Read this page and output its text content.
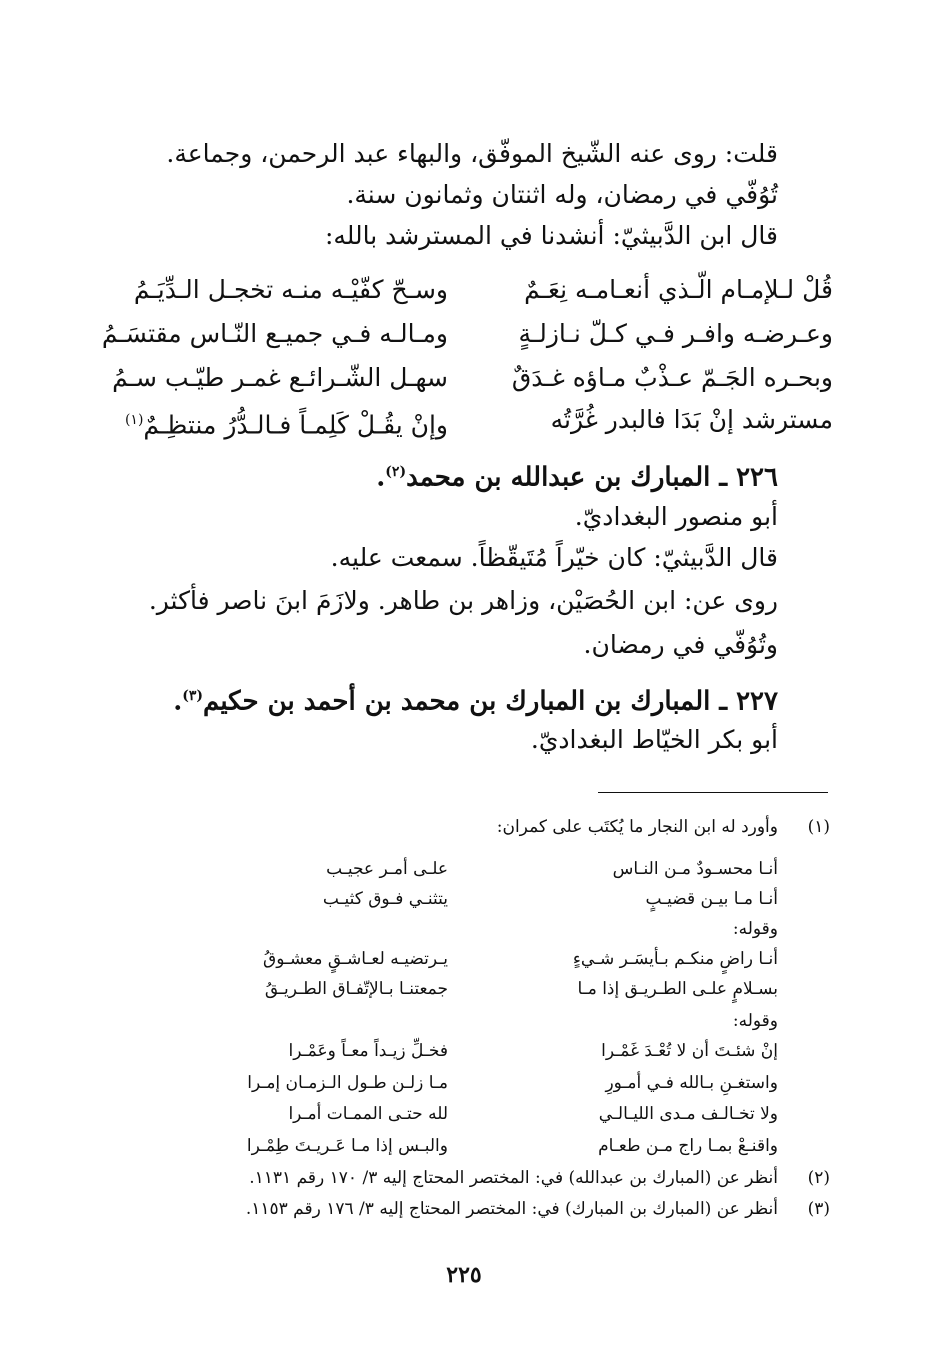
قلت: روى عنه الشّيخ الموفّق، والبهاء عبد الرحمن، وجماعة.
تُوُفّي في رمضان، وله اثنتان وثمانون سنة.
قال ابن الدَّبيثيّ: أنشدنا في المسترشد بالله:
قُلْ لـلإمـام الّـذي أنعـامـه نِعَـمٌ
وسـحّ كفّيْـه منـه تخجـل الـدِّيَـمُ
وعـرضـه وافـر فـي كـلّ نـازلـةٍ
ومـالـه فـي جميـع النّـاس مقتسَـمُ
وبحـره الجَـمّ عـذْبٌ مـاؤه غـدَقٌ
سهـل الشّـرائـع غمـر طيّـب سـمُ
مسترشد إنْ بَدَا فالبدر غُرَّتُه
وإنْ يقُـلْ كَلِمـاً فـالـدُّرُ منتظِـمٌ$^{(١)}$
٢٢٦ ـ المبارك بن عبدالله بن محمد$^{(٢)}$.
أبو منصور البغداديّ.
قال الدَّبيثيّ: كان خيّراً مُتَيقّظاً. سمعت عليه.
روى عن: ابن الحُصَيْن، وزاهر بن طاهر. ولازَمَ ابنَ ناصر فأكثر.
وتُوُفّي في رمضان.
٢٢٧ ـ المبارك بن المبارك بن محمد بن أحمد بن حكيم$^{(٣)}$.
أبو بكر الخيّاط البغداديّ.
(١)
وأورد له ابن النجار ما يُكتَب على كمران:
أنـا محسـودٌ مـن النـاس
علـى أمـر عجيـب
أنـا مـا بيـن قضيـبٍ
يتثنـي فـوق كثيـب
وقوله:
أنـا راضٍ منكـم بـأيسَـر شـيءٍ
يـرتضيـه لعـاشـقٍ معشـوقُ
بسـلامٍ علـى الطـريـق إذا مـا
جمعتنـا بـالإتّفـاق الطـريـقُ
وقوله:
إنْ شئـتَ أن لا تُعْـدَ غَمْـرا
فخـلِّ زيـداً معـاً وعَمْـرا
واستغـنِ بـالله فـي أمـورِ
مـا زلـن طـول الـزمـان إمـرا
ولا تخـالـف مـدى الليـالـي
لله حتـى الممـات أمـرا
واقنـعْ بمـا راج مـن طعـام
والبـس إذا مـا عَـريـتَ طِمْـرا
(٢)
أنظر عن (المبارك بن عبدالله) في: المختصر المحتاج إليه ٣/ ١٧٠ رقم ١١٣١.
(٣)
أنظر عن (المبارك بن المبارك) في: المختصر المحتاج إليه ٣/ ١٧٦ رقم ١١٥٣.
٢٢٥
